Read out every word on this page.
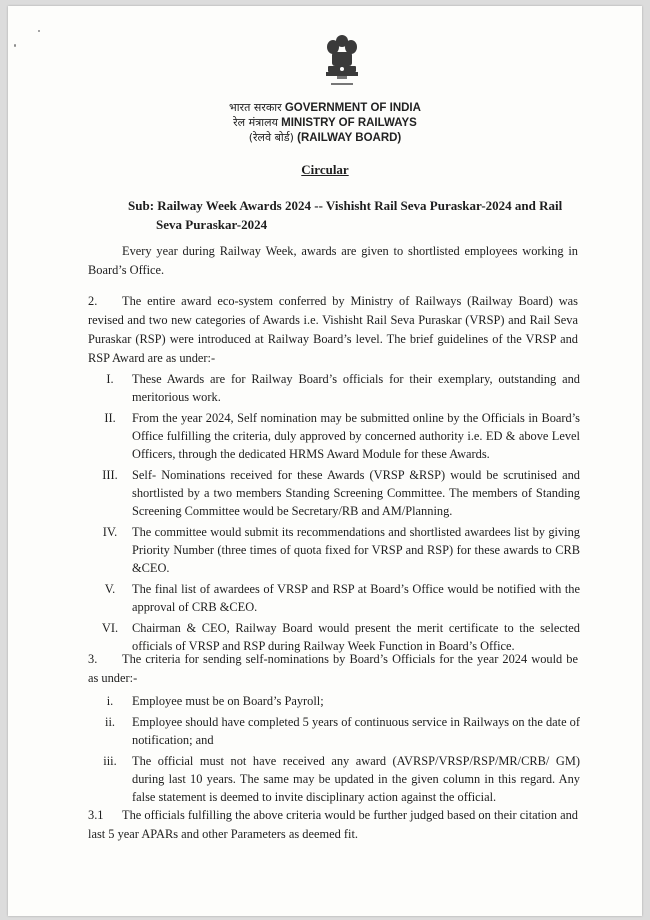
भारत सरकार GOVERNMENT OF INDIA
रेल मंत्रालय MINISTRY OF RAILWAYS
(रेलवे बोर्ड) (RAILWAY BOARD)
Circular
Sub: Railway Week Awards 2024 -- Vishisht Rail Seva Puraskar-2024 and Rail
Seva Puraskar-2024
Every year during Railway Week, awards are given to shortlisted employees working in Board’s Office.
2. The entire award eco-system conferred by Ministry of Railways (Railway Board) was revised and two new categories of Awards i.e. Vishisht Rail Seva Puraskar (VRSP) and Rail Seva Puraskar (RSP) were introduced at Railway Board’s level. The brief guidelines of the VRSP and RSP Award are as under:-
I.	These Awards are for Railway Board’s officials for their exemplary, outstanding and meritorious work.
II.	From the year 2024, Self nomination may be submitted online by the Officials in Board’s Office fulfilling the criteria, duly approved by concerned authority i.e. ED & above Level Officers, through the dedicated HRMS Award Module for these Awards.
III.	Self- Nominations received for these Awards (VRSP &RSP) would be scrutinised and shortlisted by a two members Standing Screening Committee. The members of Standing Screening Committee would be Secretary/RB and AM/Planning.
IV.	The committee would submit its recommendations and shortlisted awardees list by giving Priority Number (three times of quota fixed for VRSP and RSP) for these awards to CRB &CEO.
V.	The final list of awardees of VRSP and RSP at Board’s Office would be notified with the approval of CRB &CEO.
VI.	Chairman & CEO, Railway Board would present the merit certificate to the selected officials of VRSP and RSP during Railway Week Function in Board’s Office.
3. The criteria for sending self-nominations by Board’s Officials for the year 2024 would be as under:-
i.	Employee must be on Board’s Payroll;
ii.	Employee should have completed 5 years of continuous service in Railways on the date of notification; and
iii.	The official must not have received any award (AVRSP/VRSP/RSP/MR/CRB/ GM) during last 10 years. The same may be updated in the given column in this regard. Any false statement is deemed to invite disciplinary action against the official.
3.1 The officials fulfilling the above criteria would be further judged based on their citation and last 5 year APARs and other Parameters as deemed fit.
